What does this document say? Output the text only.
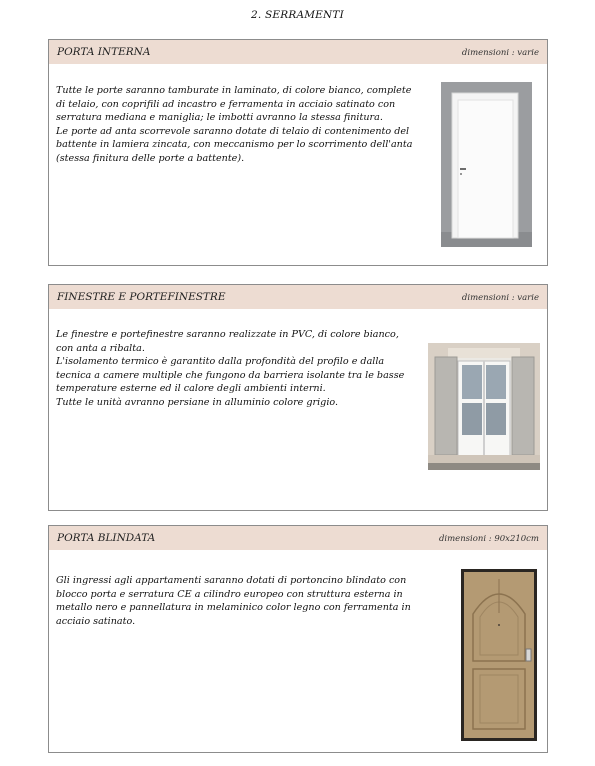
2. SERRAMENTI
PORTA INTERNA	dimensioni : varie

Tutte le porte saranno tamburate in laminato, di colore bianco, complete di telaio, con coprifili ad incastro e ferramenta in acciaio satinato con serratura mediana e maniglia; le imbotti avranno la stessa finitura.

Le porte ad anta scorrevole saranno dotate di telaio di contenimento del battente in lamiera zincata, con meccanismo per lo scorrimento dell'anta (stessa finitura delle porte a battente).

FINESTRE E PORTEFINESTRE	dimensioni : varie

Le finestre e portefinestre saranno realizzate in PVC, di colore bianco, con anta a ribalta.

L'isolamento termico è garantito dalla profondità del profilo e dalla tecnica a camere multiple che fungono da barriera isolante tra le basse temperature esterne ed il calore degli ambienti interni.

Tutte le unità avranno persiane in alluminio colore grigio.

PORTA BLINDATA	dimensioni : 90x210cm

Gli ingressi agli appartamenti saranno dotati di portoncino blindato con blocco porta e serratura CE a cilindro europeo con struttura esterna in metallo nero e pannellatura in melaminico color legno con ferramenta in acciaio satinato.
